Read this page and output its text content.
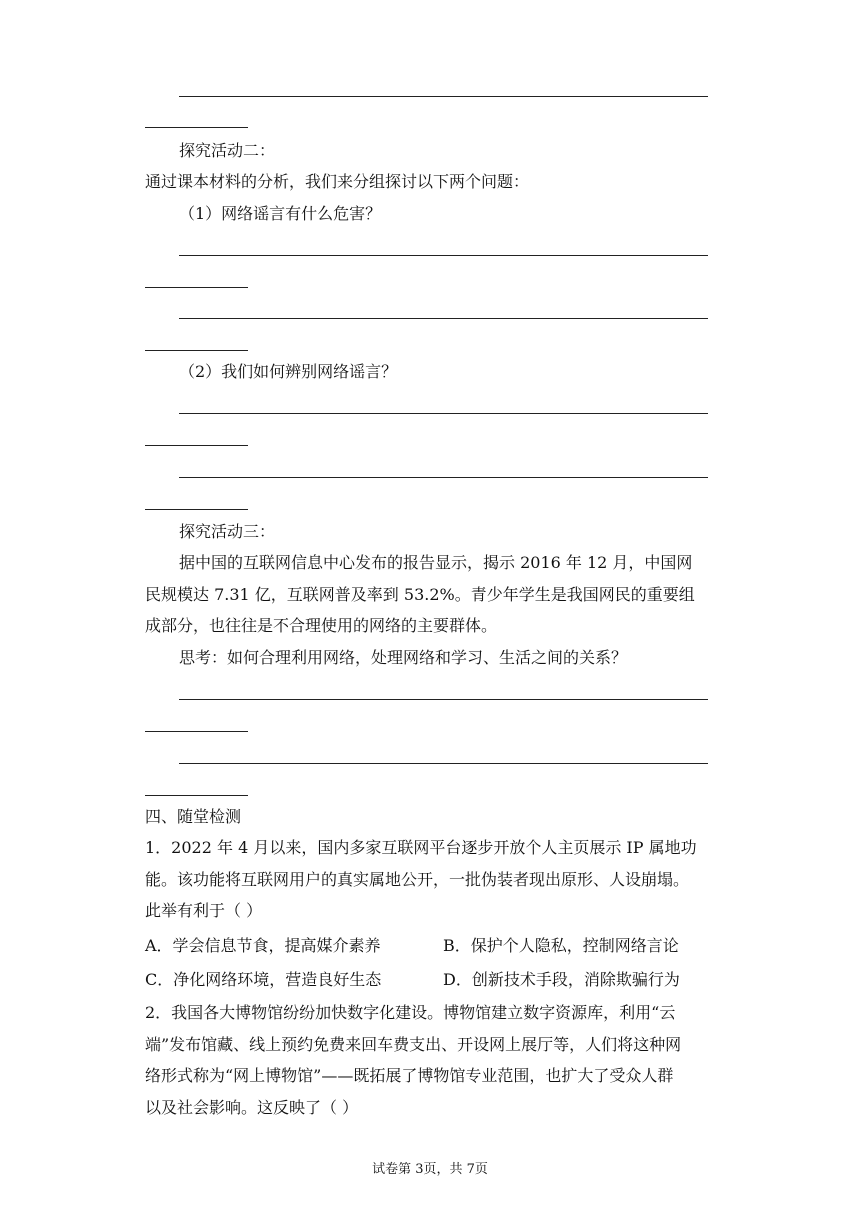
探究活动二：
通过课本材料的分析，我们来分组探讨以下两个问题：
（1）网络谣言有什么危害？
（2）我们如何辨别网络谣言？
探究活动三：
据中国的互联网信息中心发布的报告显示，揭示 2016 年 12 月，中国网
民规模达 7.31 亿，互联网普及率到 53.2%。青少年学生是我国网民的重要组
成部分，也往往是不合理使用的网络的主要群体。
思考：如何合理利用网络，处理网络和学习、生活之间的关系？
四、随堂检测
1．2022 年 4 月以来，国内多家互联网平台逐步开放个人主页展示 IP 属地功
能。该功能将互联网用户的真实属地公开，一批伪装者现出原形、人设崩塌。
此举有利于（ ）
A．学会信息节食，提高媒介素养	B．保护个人隐私，控制网络言论
C．净化网络环境，营造良好生态	D．创新技术手段，消除欺骗行为
2．我国各大博物馆纷纷加快数字化建设。博物馆建立数字资源库，利用“云
端”发布馆藏、线上预约免费来回车费支出、开设网上展厅等，人们将这种网
络形式称为“网上博物馆”——既拓展了博物馆专业范围，也扩大了受众人群
以及社会影响。这反映了（ ）
试卷第 3页，共 7页
